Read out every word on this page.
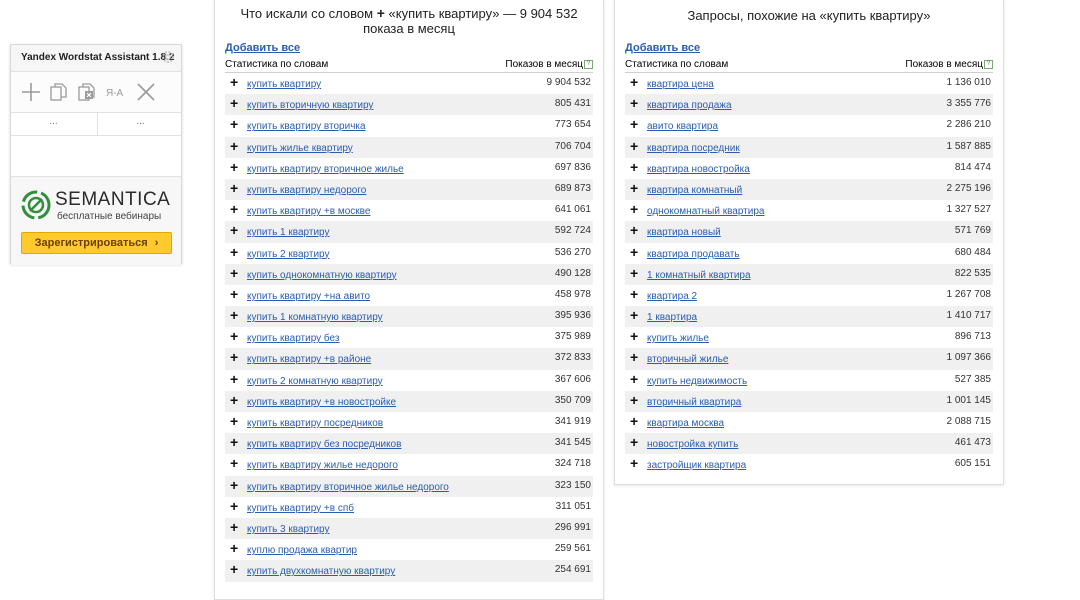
Yandex Wordstat Assistant 1.8.2
Я-А
...	...
SEMANTICA
бесплатные вебинары
Зарегистрироваться ›
Что искали со словом + «купить квартиру» — 9 904 532
показа в месяц
Добавить все
Статистика по словам	Показов в месяц ?
+ купить квартиру	9 904 532
+ купить вторичную квартиру	805 431
+ купить квартиру вторичка	773 654
+ купить жилье квартиру	706 704
+ купить квартиру вторичное жилье	697 836
+ купить квартиру недорого	689 873
+ купить квартиру +в москве	641 061
+ купить 1 квартиру	592 724
+ купить 2 квартиру	536 270
+ купить однокомнатную квартиру	490 128
+ купить квартиру +на авито	458 978
+ купить 1 комнатную квартиру	395 936
+ купить квартиру без	375 989
+ купить квартиру +в районе	372 833
+ купить 2 комнатную квартиру	367 606
+ купить квартиру +в новостройке	350 709
+ купить квартиру посредников	341 919
+ купить квартиру без посредников	341 545
+ купить квартиру жилье недорого	324 718
+ купить квартиру вторичное жилье недорого	323 150
+ купить квартиру +в спб	311 051
+ купить 3 квартиру	296 991
+ куплю продажа квартир	259 561
+ купить двухкомнатную квартиру	254 691
Запросы, похожие на «купить квартиру»
Добавить все
Статистика по словам	Показов в месяц ?
+ квартира цена	1 136 010
+ квартира продажа	3 355 776
+ авито квартира	2 286 210
+ квартира посредник	1 587 885
+ квартира новостройка	814 474
+ квартира комнатный	2 275 196
+ однокомнатный квартира	1 327 527
+ квартира новый	571 769
+ квартира продавать	680 484
+ 1 комнатный квартира	822 535
+ квартира 2	1 267 708
+ 1 квартира	1 410 717
+ купить жилье	896 713
+ вторичный жилье	1 097 366
+ купить недвижимость	527 385
+ вторичный квартира	1 001 145
+ квартира москва	2 088 715
+ новостройка купить	461 473
+ застройщик квартира	605 151
